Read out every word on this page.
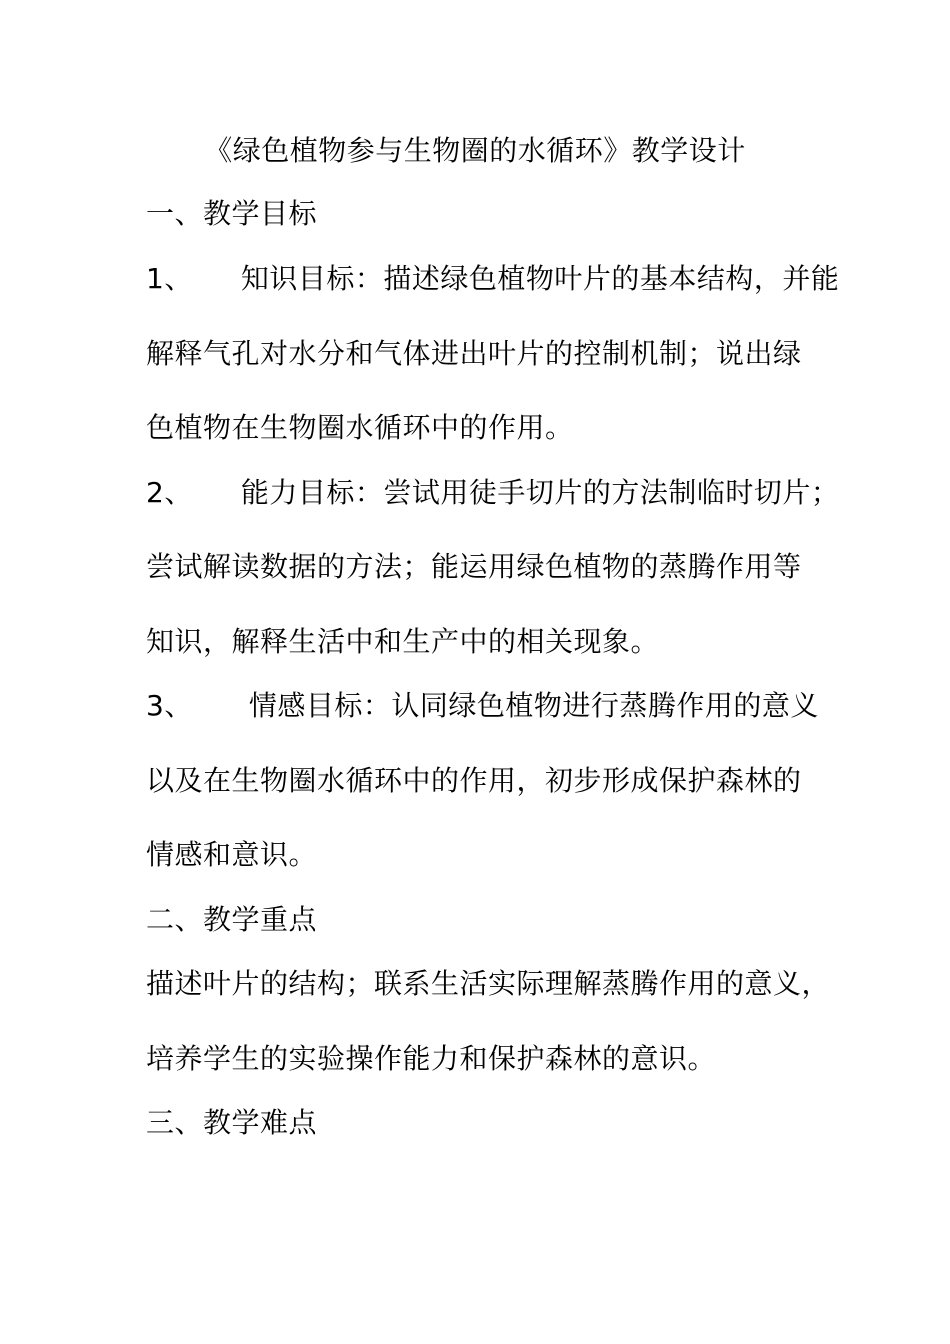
《绿色植物参与生物圈的水循环》教学设计
一、教学目标
1、 知识目标：描述绿色植物叶片的基本结构，并能
解释气孔对水分和气体进出叶片的控制机制；说出绿
色植物在生物圈水循环中的作用。
2、 能力目标：尝试用徒手切片的方法制临时切片；
尝试解读数据的方法；能运用绿色植物的蒸腾作用等
知识，解释生活中和生产中的相关现象。
3、 情感目标：认同绿色植物进行蒸腾作用的意义
以及在生物圈水循环中的作用，初步形成保护森林的
情感和意识。
二、教学重点
描述叶片的结构；联系生活实际理解蒸腾作用的意义，
培养学生的实验操作能力和保护森林的意识。
三、教学难点
